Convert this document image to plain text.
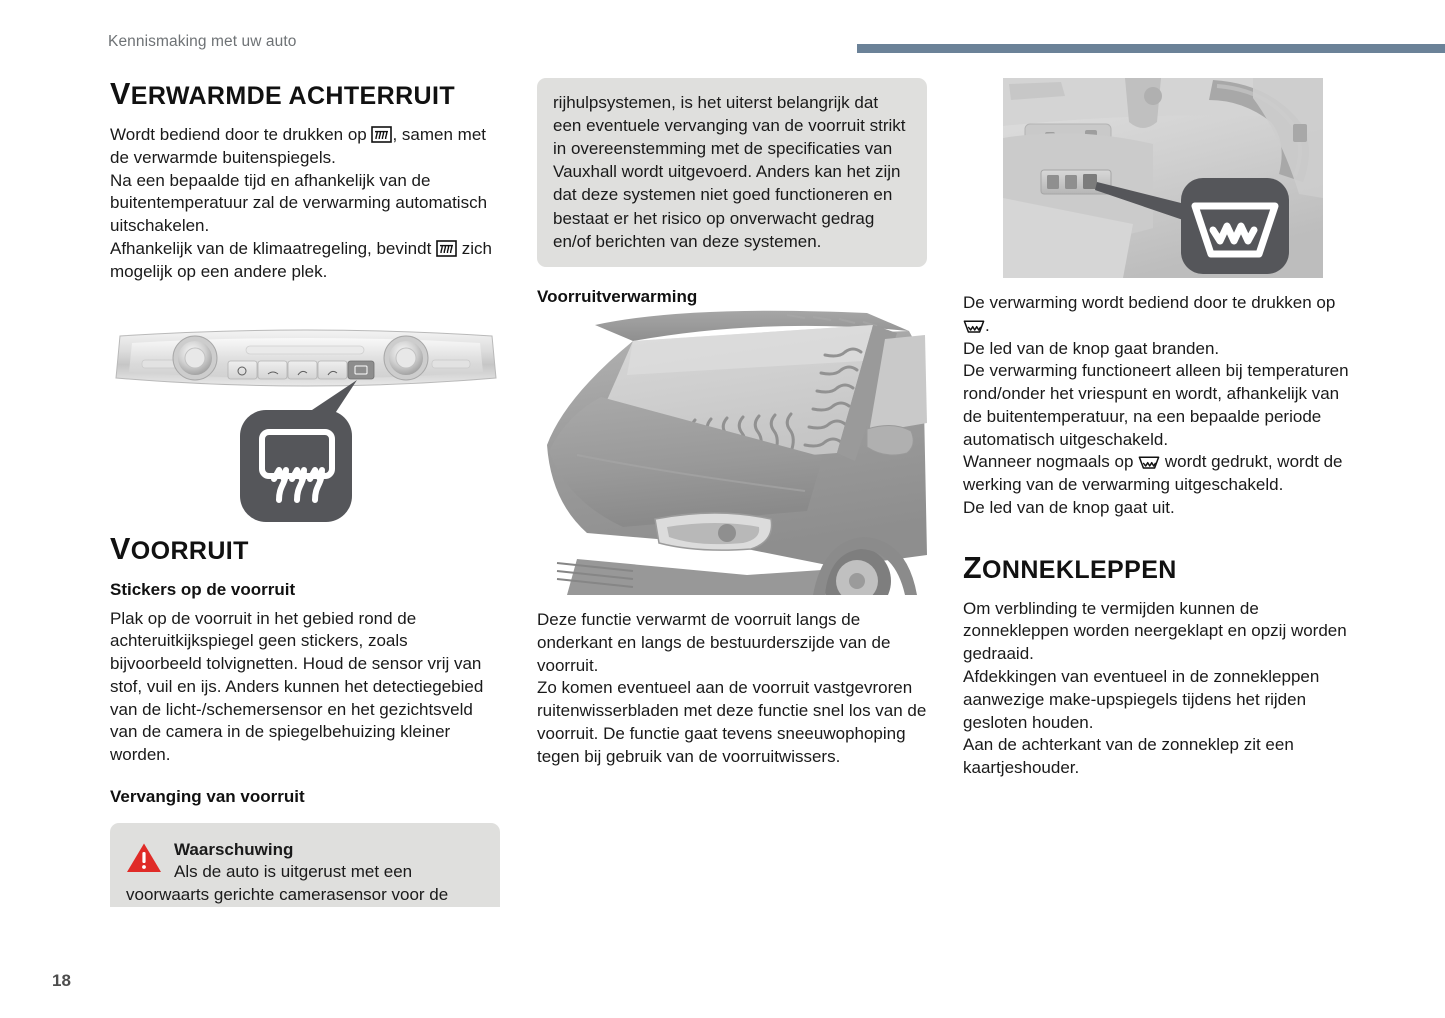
Kennismaking met uw auto
VERWARMDE ACHTERRUIT

Wordt bediend door te drukken op , samen met de verwarmde buitenspiegels.

Na een bepaalde tijd en afhankelijk van de buitentemperatuur zal de verwarming automatisch uitschakelen.

Afhankelijk van de klimaatregeling, bevindt  zich mogelijk op een andere plek.

VOORRUIT
Stickers op de voorruit

Plak op de voorruit in het gebied rond de achteruitkijkspiegel geen stickers, zoals bijvoorbeeld tolvignetten. Houd de sensor vrij van stof, vuil en ijs. Anders kunnen het detectiegebied van de licht-/schemersensor en het gezichtsveld van de camera in de spiegelbehuizing kleiner worden.

Vervanging van voorruit

Waarschuwing

Als de auto is uitgerust met een

voorwaarts gerichte camerasensor voor de

rijhulpsystemen, is het uiterst belangrijk dat een eventuele vervanging van de voorruit strikt in overeenstemming met de specificaties van Vauxhall wordt uitgevoerd. Anders kan het zijn dat deze systemen niet goed functioneren en bestaat er het risico op onverwacht gedrag en/of berichten van deze systemen.

Voorruitverwarming

Deze functie verwarmt de voorruit langs de onderkant en langs de bestuurderszijde van de voorruit.

Zo komen eventueel aan de voorruit vastgevroren ruitenwisserbladen met deze functie snel los van de voorruit. De functie gaat tevens sneeuwophoping tegen bij gebruik van de voorruitwissers.

De verwarming wordt bediend door te drukken op .

De led van de knop gaat branden.

De verwarming functioneert alleen bij temperaturen rond/onder het vriespunt en wordt, afhankelijk van de buitentemperatuur, na een bepaalde periode automatisch uitgeschakeld.

Wanneer nogmaals op  wordt gedrukt, wordt de werking van de verwarming uitgeschakeld.

De led van de knop gaat uit.

ZONNEKLEPPEN

Om verblinding te vermijden kunnen de zonnekleppen worden neergeklapt en opzij worden gedraaid.

Afdekkingen van eventueel in de zonnekleppen aanwezige make-upspiegels tijdens het rijden gesloten houden.

Aan de achterkant van de zonneklep zit een kaartjeshouder.

18
